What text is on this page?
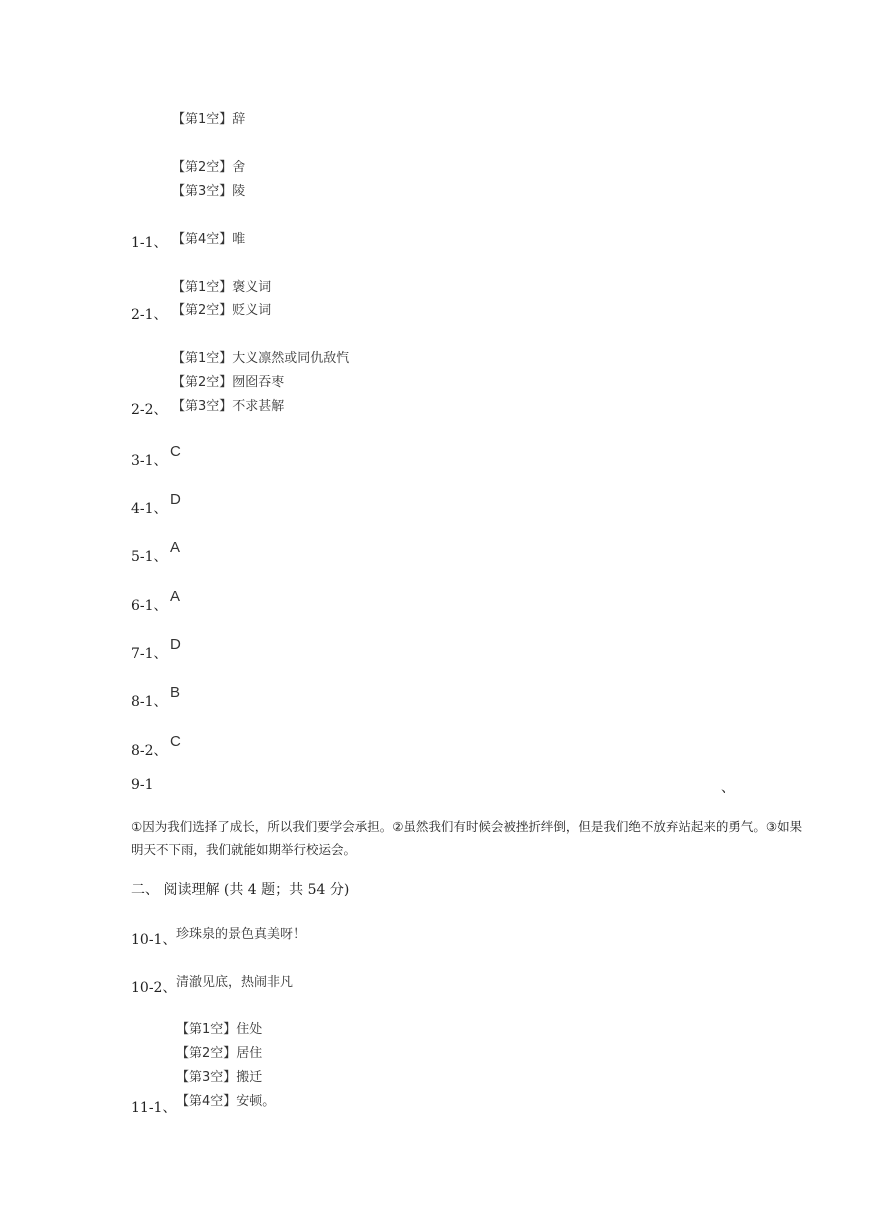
【第1空】辞
【第2空】舍
【第3空】陵
1-1、 【第4空】唯
【第1空】褒义词
2-1、 【第2空】贬义词
【第1空】大义凛然或同仇敌忾
【第2空】囫囵吞枣
2-2、 【第3空】不求甚解
3-1、
C
4-1、
D
5-1、
A
6-1、
A
7-1、
D
8-1、
B
8-2、
C
9-1	、
①因为我们选择了成长，所以我们要学会承担。②虽然我们有时候会被挫折绊倒，但是我们绝不放弃站起来的勇气。③如果明天不下雨，我们就能如期举行校运会。
二、 阅读理解 (共 4 题；共 54 分)
10-1、 珍珠泉的景色真美呀！
10-2、 清澈见底，热闹非凡
【第1空】住处
【第2空】居住
【第3空】搬迁
11-1、 【第4空】安顿。
